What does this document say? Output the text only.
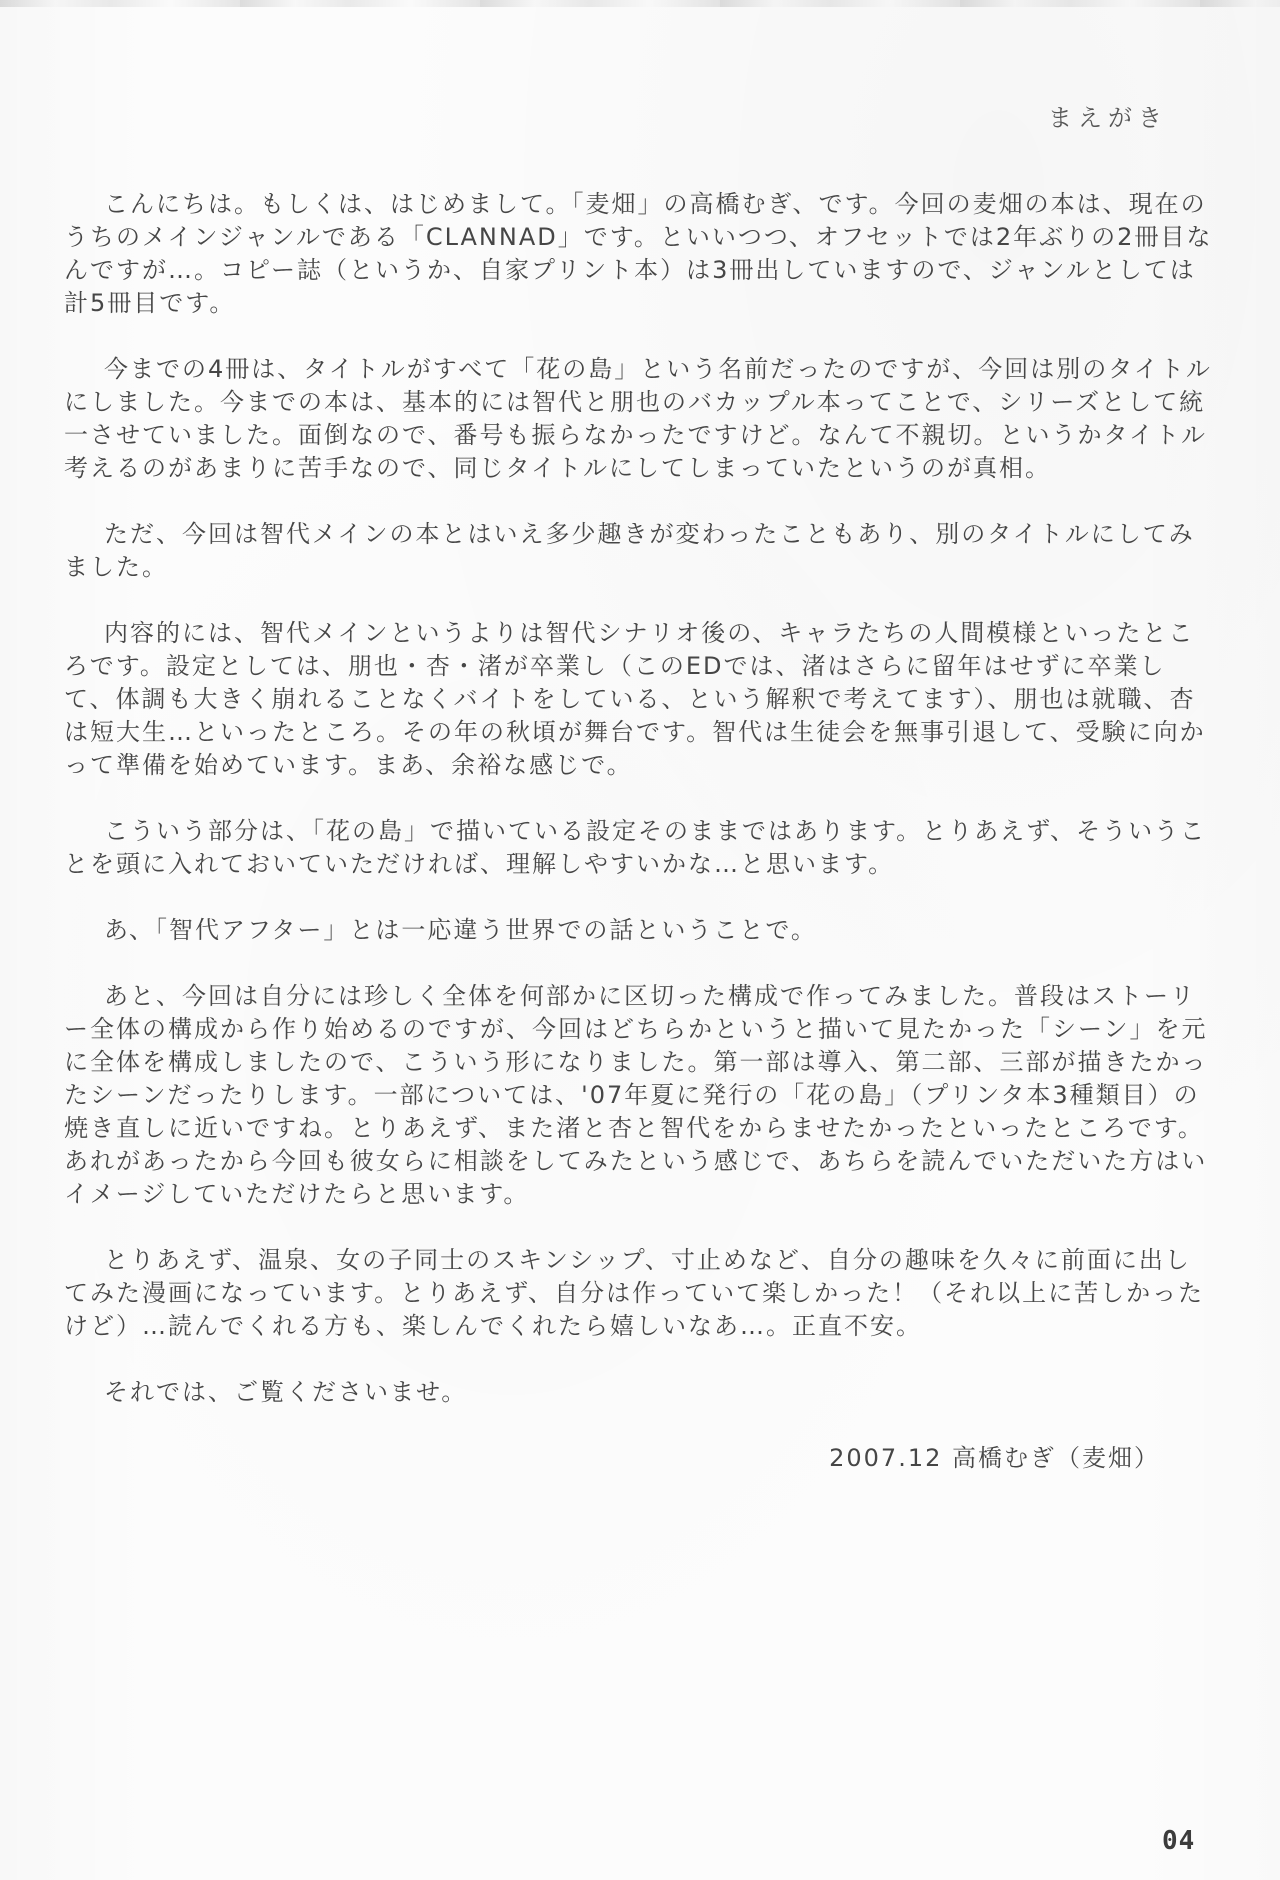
まえがき

　こんにちは。もしくは、はじめまして。「麦畑」の高橋むぎ、です。今回の麦畑の本は、現在のうちのメインジャンルである「CLANNAD」です。といいつつ、オフセットでは2年ぶりの2冊目なんですが…。コピー誌（というか、自家プリント本）は3冊出していますので、ジャンルとしては計5冊目です。

　今までの4冊は、タイトルがすべて「花の島」という名前だったのですが、今回は別のタイトルにしました。今までの本は、基本的には智代と朋也のバカップル本ってことで、シリーズとして統一させていました。面倒なので、番号も振らなかったですけど。なんて不親切。というかタイトル考えるのがあまりに苦手なので、同じタイトルにしてしまっていたというのが真相。

　ただ、今回は智代メインの本とはいえ多少趣きが変わったこともあり、別のタイトルにしてみました。

　内容的には、智代メインというよりは智代シナリオ後の、キャラたちの人間模様といったところです。設定としては、朋也・杏・渚が卒業し（このEDでは、渚はさらに留年はせずに卒業して、体調も大きく崩れることなくバイトをしている、という解釈で考えてます）、朋也は就職、杏は短大生…といったところ。その年の秋頃が舞台です。智代は生徒会を無事引退して、受験に向かって準備を始めています。まあ、余裕な感じで。

　こういう部分は、「花の島」で描いている設定そのままではあります。とりあえず、そういうことを頭に入れておいていただければ、理解しやすいかな…と思います。

　あ、「智代アフター」とは一応違う世界での話ということで。

　あと、今回は自分には珍しく全体を何部かに区切った構成で作ってみました。普段はストーリー全体の構成から作り始めるのですが、今回はどちらかというと描いて見たかった「シーン」を元に全体を構成しましたので、こういう形になりました。第一部は導入、第二部、三部が描きたかったシーンだったりします。一部については、'07年夏に発行の「花の島」（プリンタ本3種類目）の焼き直しに近いですね。とりあえず、また渚と杏と智代をからませたかったといったところです。あれがあったから今回も彼女らに相談をしてみたという感じで、あちらを読んでいただいた方はいイメージしていただけたらと思います。

　とりあえず、温泉、女の子同士のスキンシップ、寸止めなど、自分の趣味を久々に前面に出してみた漫画になっています。とりあえず、自分は作っていて楽しかった！（それ以上に苦しかったけど）…読んでくれる方も、楽しんでくれたら嬉しいなあ…。正直不安。

　それでは、ご覧くださいませ。

2007.12 高橋むぎ（麦畑）

04
